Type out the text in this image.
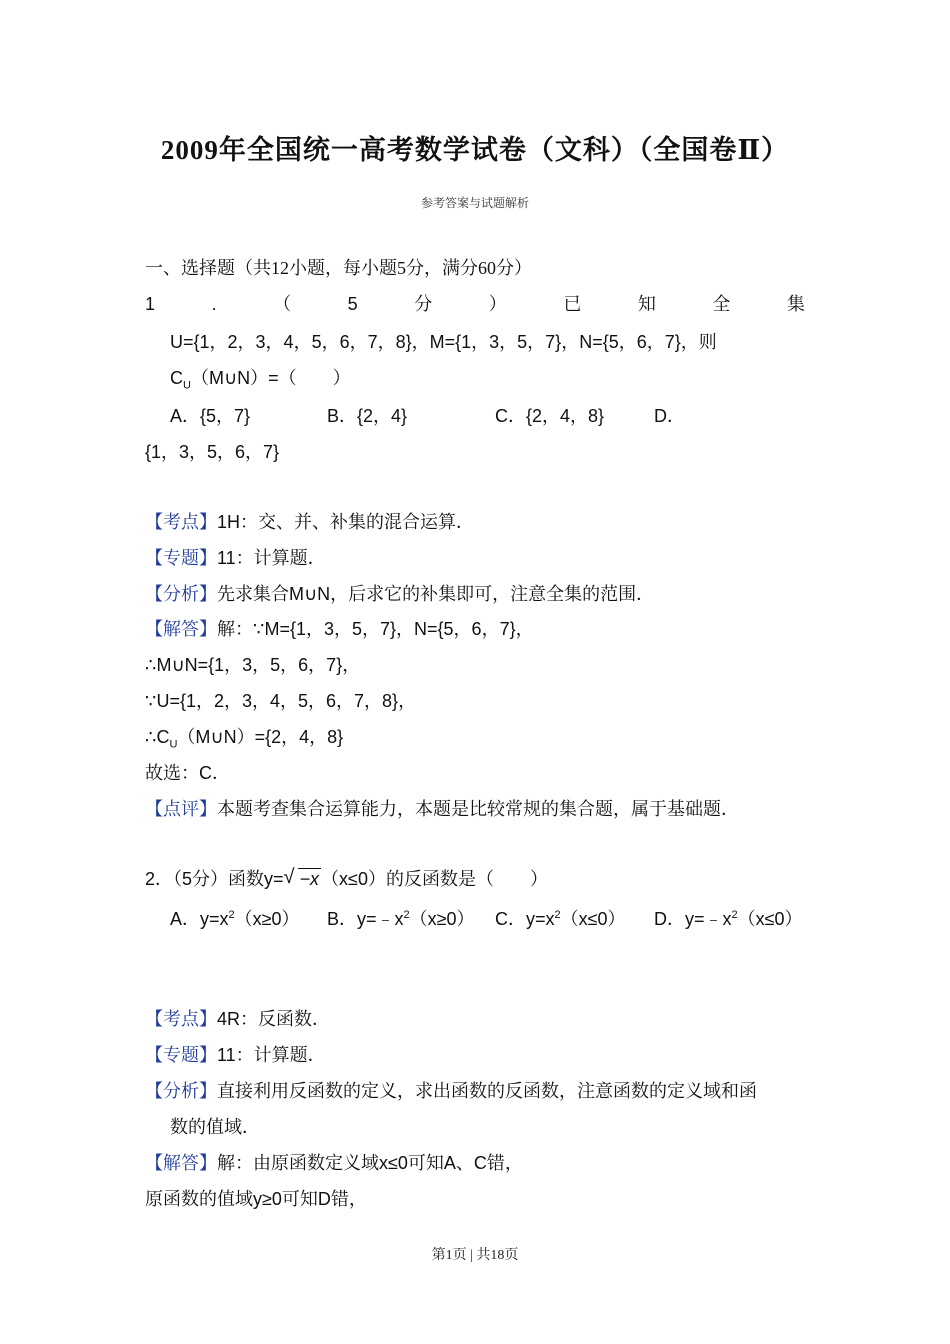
2009年全国统一高考数学试卷（文科）（全国卷Ⅱ）
参考答案与试题解析
一、选择题（共12小题，每小题5分，满分60分）
1	.	（	5	分	）	已	知	全	集
U={1，2，3，4，5，6，7，8}，M={1，3，5，7}，N={5，6，7}，则
$C_U(M\cup N)=$（　　）
A．{5，7}	B．{2，4}	C．{2，4，8}	D．
{1，3，5，6，7}
【考点】1H：交、并、补集的混合运算．
【专题】11：计算题．
【分析】先求集合M∪N，后求它的补集即可，注意全集的范围．
【解答】解：∵M={1，3，5，7}，N={5，6，7}，
∴M∪N={1，3，5，6，7}，
∵U={1，2，3，4，5，6，7，8}，
$\therefore C_U(M\cup N)=\{2$，4，8}
故选：C．
【点评】本题考查集合运算能力，本题是比较常规的集合题，属于基础题．
2．（5分）函数y= √ −x （x≤0）的反函数是（　　）
A．$y=x^2(x\ge 0)$ B．$y=﹣x^2(x\ge 0)$ C．$y=x^2(x\le 0)$ D．$y=﹣x^2(x\le 0)$
【考点】4R：反函数．
【专题】11：计算题．
【分析】直接利用反函数的定义，求出函数的反函数，注意函数的定义域和函
数的值域．
【解答】解：由原函数定义域x≤0可知A、C错，
原函数的值域y≥0可知D错，
第1页 | 共18页
